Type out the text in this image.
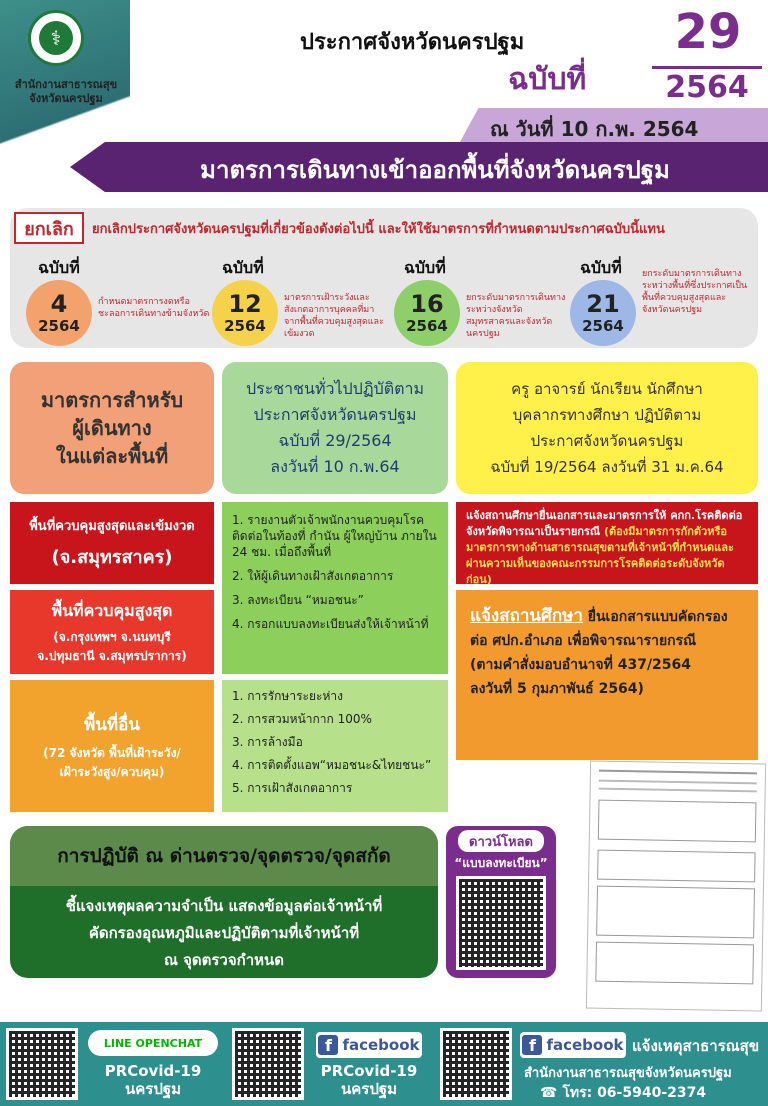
⚕
สำนักงานสาธารณสุข
จังหวัดนครปฐม
ประกาศจังหวัดนครปฐม
ฉบับที่
29
2564
ณ วันที่ 10 ก.พ. 2564
มาตรการเดินทางเข้าออกพื้นที่จังหวัดนครปฐม
ยกเลิก	ยกเลิกประกาศจังหวัดนครปฐมที่เกี่ยวข้องดังต่อไปนี้ และให้ใช้มาตรการที่กำหนดตามประกาศฉบับนี้แทน
ฉบับที่
4
2564
กำหนดมาตรการงดหรือชะลอการเดินทางข้ามจังหวัด
ฉบับที่
12
2564
มาตรการเฝ้าระวังและสังเกตอาการบุคคลที่มาจากพื้นที่ควบคุมสูงสุดและเข้มงวด
ฉบับที่
16
2564
ยกระดับมาตรการเดินทางระหว่างจังหวัดสมุทรสาครและจังหวัดนครปฐม
ฉบับที่
21
2564
ยกระดับมาตรการเดินทางระหว่างพื้นที่ซึ่งประกาศเป็นพื้นที่ควบคุมสูงสุดและจังหวัดนครปฐม
มาตรการสำหรับ
ผู้เดินทาง
ในแต่ละพื้นที่
ประชาชนทั่วไปปฏิบัติตาม
ประกาศจังหวัดนครปฐม
ฉบับที่ 29/2564
ลงวันที่ 10 ก.พ.64
ครู อาจารย์ นักเรียน นักศึกษา
บุคลากรทางศึกษา ปฏิบัติตาม
ประกาศจังหวัดนครปฐม
ฉบับที่ 19/2564 ลงวันที่ 31 ม.ค.64
พื้นที่ควบคุมสูงสุดและเข้มงวด
(จ.สมุทรสาคร)
พื้นที่ควบคุมสูงสุด
(จ.กรุงเทพฯ จ.นนทบุรี
จ.ปทุมธานี จ.สมุทรปราการ)
พื้นที่อื่น
(72 จังหวัด พื้นที่เฝ้าระวัง/
เฝ้าระวังสูง/ควบคุม)
1. รายงานตัวเจ้าพนักงานควบคุมโรคติดต่อในท้องที่ กำนัน ผู้ใหญ่บ้าน ภายใน 24 ชม. เมื่อถึงพื้นที่
2. ให้ผู้เดินทางเฝ้าสังเกตอาการ
3. ลงทะเบียน “หมอชนะ”
4. กรอกแบบลงทะเบียนส่งให้เจ้าหน้าที่
1. การรักษาระยะห่าง
2. การสวมหน้ากาก 100%
3. การล้างมือ
4. การติดตั้งแอพ“หมอชนะ&ไทยชนะ”
5. การเฝ้าสังเกตอาการ
แจ้งสถานศึกษายื่นเอกสารและมาตรการให้ คกก.โรคติดต่อจังหวัดพิจารณาเป็นรายกรณี (ต้องมีมาตรการกักตัวหรือมาตรการทางด้านสาธารณสุขตามที่เจ้าหน้าที่กำหนดและผ่านความเห็นของคณะกรรมการโรคติดต่อระดับจังหวัดก่อน)
แจ้งสถานศึกษา ยื่นเอกสารแบบคัดกรอง
ต่อ ศปก.อำเภอ เพื่อพิจารณารายกรณี
(ตามคำสั่งมอบอำนาจที่ 437/2564
ลงวันที่ 5 กุมภาพันธ์ 2564)
การปฏิบัติ ณ ด่านตรวจ/จุดตรวจ/จุดสกัด
ชี้แจงเหตุผลความจำเป็น แสดงข้อมูลต่อเจ้าหน้าที่
คัดกรองอุณหภูมิและปฏิบัติตามที่เจ้าหน้าที่
ณ จุดตรวจกำหนด
ดาวน์โหลด
“แบบลงทะเบียน”
LINE OPENCHAT
PRCovid-19
นครปฐม
f facebook
PRCovid-19
นครปฐม
f facebook แจ้งเหตุสาธารณสุข
สำนักงานสาธารณสุขจังหวัดนครปฐม
☎ โทร: 06-5940-2374
